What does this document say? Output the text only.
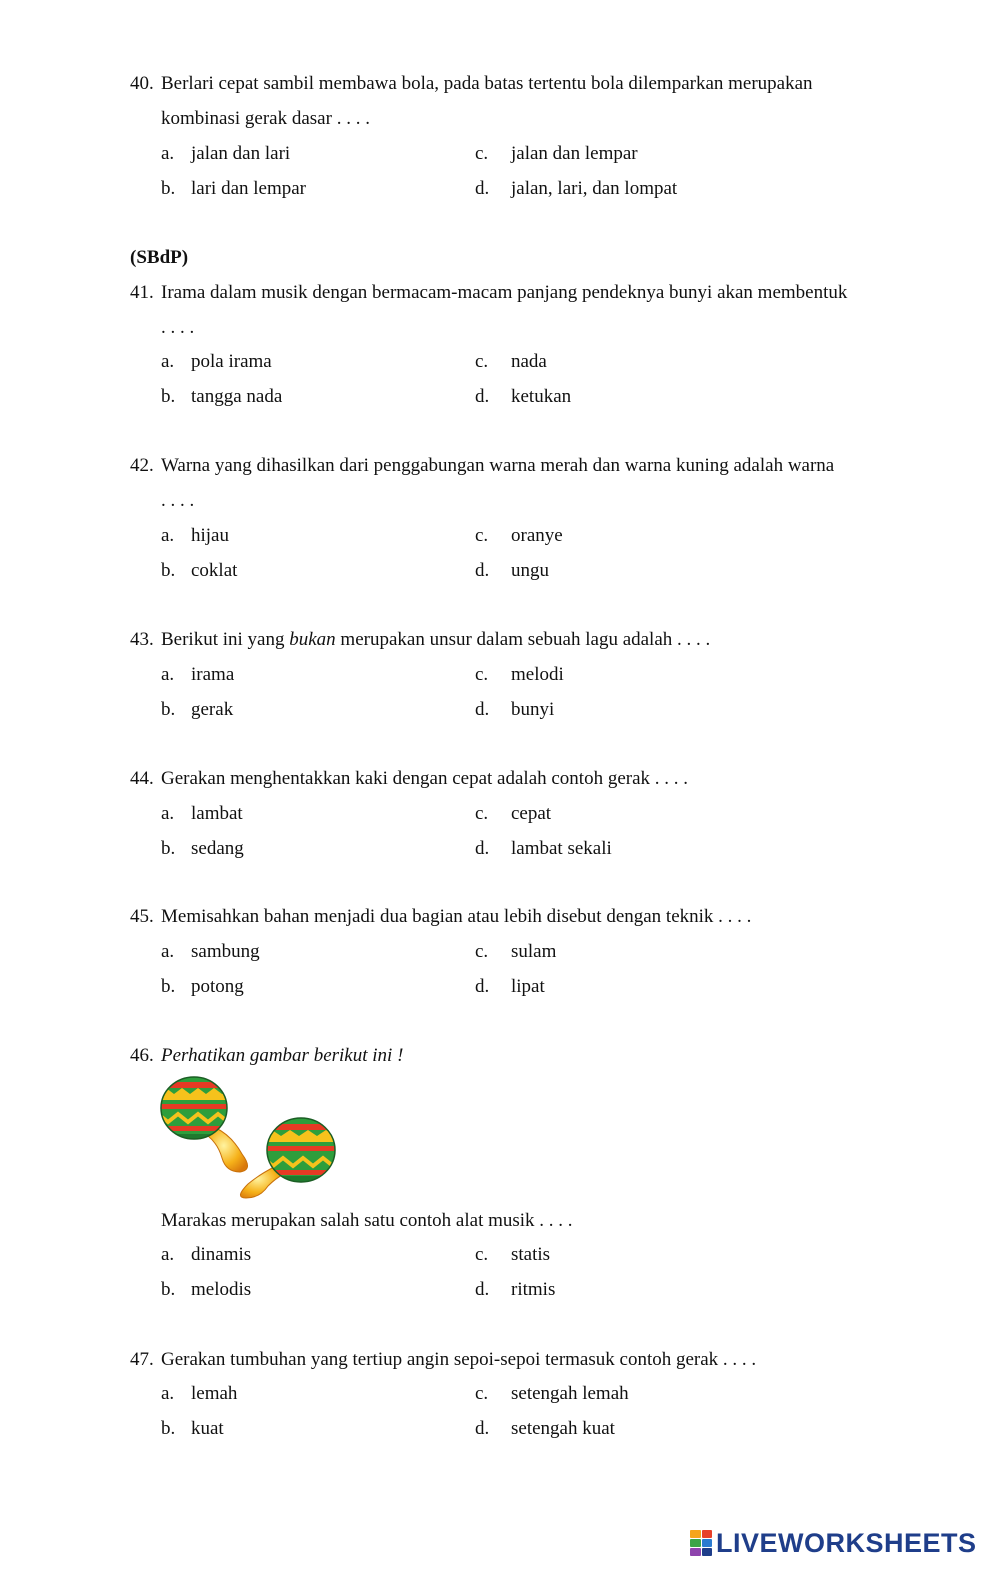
40. Berlari cepat sambil membawa bola, pada batas tertentu bola dilemparkan merupakan
kombinasi gerak dasar . . . .
a. jalan dan lari
b. lari dan lempar
c. jalan dan lempar
d. jalan, lari, dan lompat
(SBdP)
41. Irama dalam musik dengan bermacam-macam panjang pendeknya bunyi akan membentuk
. . . .
a. pola irama
b. tangga nada
c. nada
d. ketukan
42. Warna yang dihasilkan dari penggabungan warna merah dan warna kuning adalah warna
. . . .
a. hijau
b. coklat
c. oranye
d. ungu
43. Berikut ini yang bukan merupakan unsur dalam sebuah lagu adalah . . . .
a. irama
b. gerak
c. melodi
d. bunyi
44. Gerakan menghentakkan kaki dengan cepat adalah contoh gerak . . . .
a. lambat
b. sedang
c. cepat
d. lambat sekali
45. Memisahkan bahan menjadi dua bagian atau lebih disebut dengan teknik . . . .
a. sambung
b. potong
c. sulam
d. lipat
46. Perhatikan gambar berikut ini !
Marakas merupakan salah satu contoh alat musik . . . .
a. dinamis
b. melodis
c. statis
d. ritmis
47. Gerakan tumbuhan yang tertiup angin sepoi-sepoi termasuk contoh gerak . . . .
a. lemah
b. kuat
c. setengah lemah
d. setengah kuat
LIVEWORKSHEETS
